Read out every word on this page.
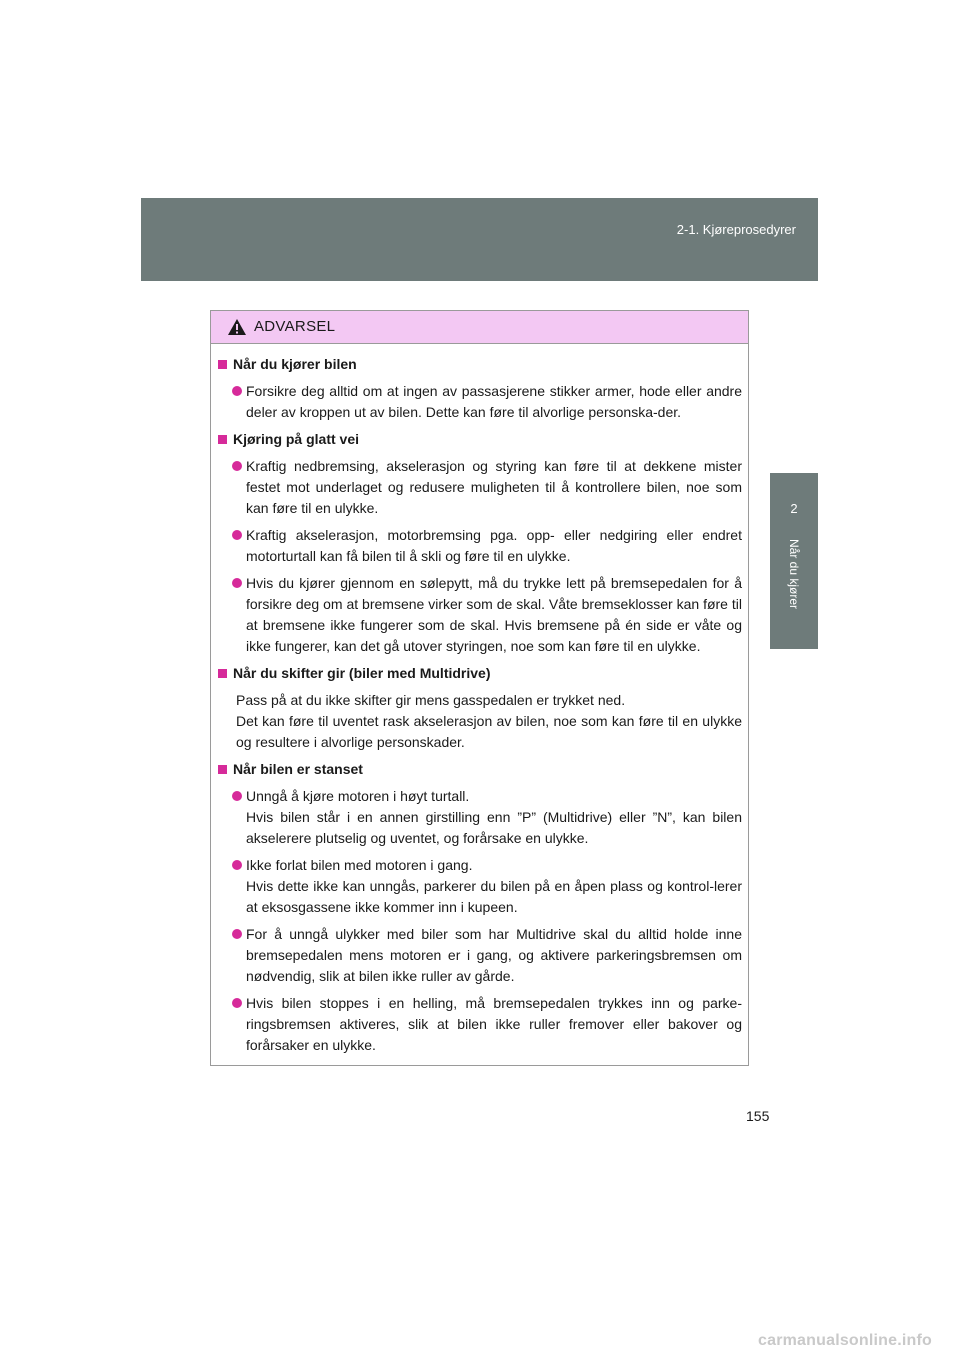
2-1. Kjøreprosedyrer
2
Når du kjører
ADVARSEL
Når du kjører bilen
Forsikre deg alltid om at ingen av passasjerene stikker armer, hode eller andre deler av kroppen ut av bilen. Dette kan føre til alvorlige personska-der.
Kjøring på glatt vei
Kraftig nedbremsing, akselerasjon og styring kan føre til at dekkene mister festet mot underlaget og redusere muligheten til å kontrollere bilen, noe som kan føre til en ulykke.
Kraftig akselerasjon, motorbremsing pga. opp- eller nedgiring eller endret motorturtall kan få bilen til å skli og føre til en ulykke.
Hvis du kjører gjennom en sølepytt, må du trykke lett på bremsepedalen for å forsikre deg om at bremsene virker som de skal. Våte bremseklosser kan føre til at bremsene ikke fungerer som de skal. Hvis bremsene på én side er våte og ikke fungerer, kan det gå utover styringen, noe som kan føre til en ulykke.
Når du skifter gir (biler med Multidrive)
Pass på at du ikke skifter gir mens gasspedalen er trykket ned.
Det kan føre til uventet rask akselerasjon av bilen, noe som kan føre til en ulykke og resultere i alvorlige personskader.
Når bilen er stanset
Unngå å kjøre motoren i høyt turtall.
Hvis bilen står i en annen girstilling enn ”P” (Multidrive) eller ”N”, kan bilen akselerere plutselig og uventet, og forårsake en ulykke.
Ikke forlat bilen med motoren i gang.
Hvis dette ikke kan unngås, parkerer du bilen på en åpen plass og kontrol-lerer at eksosgassene ikke kommer inn i kupeen.
For å unngå ulykker med biler som har Multidrive skal du alltid holde inne bremsepedalen mens motoren er i gang, og aktivere parkeringsbremsen om nødvendig, slik at bilen ikke ruller av gårde.
Hvis bilen stoppes i en helling, må bremsepedalen trykkes inn og parke-ringsbremsen aktiveres, slik at bilen ikke ruller fremover eller bakover og forårsaker en ulykke.
155
carmanualsonline.info
